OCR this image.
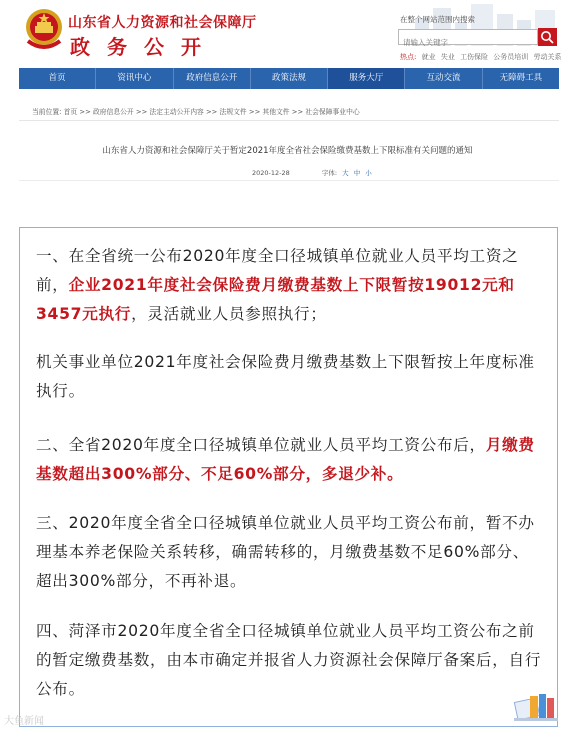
山东省人力资源和社会保障厅
政务公开
在整个网站范围内搜索
请输入关键字
热点: 就业 失业 工伤保险 公务员培训 劳动关系
首页	资讯中心	政府信息公开	政策法规	服务大厅	互动交流	无障碍工具
当前位置: 首页 >> 政府信息公开 >> 法定主动公开内容 >> 法规文件 >> 其他文件 >> 社会保障事业中心
山东省人力资源和社会保障厅关于暂定2021年度全省社会保险缴费基数上下限标准有关问题的通知
2020-12-28	字体: 大 中 小
一、在全省统一公布2020年度全口径城镇单位就业人员平均工资之前，企业2021年度社会保险费月缴费基数上下限暂按19012元和3457元执行，灵活就业人员参照执行；
机关事业单位2021年度社会保险费月缴费基数上下限暂按上年度标准执行。
二、全省2020年度全口径城镇单位就业人员平均工资公布后，月缴费基数超出300%部分、不足60%部分，多退少补。
三、2020年度全省全口径城镇单位就业人员平均工资公布前，暂不办理基本养老保险关系转移，确需转移的，月缴费基数不足60%部分、超出300%部分，不再补退。
四、菏泽市2020年度全省全口径城镇单位就业人员平均工资公布之前的暂定缴费基数，由本市确定并报省人力资源社会保障厅备案后，自行公布。
大鱼新闻
